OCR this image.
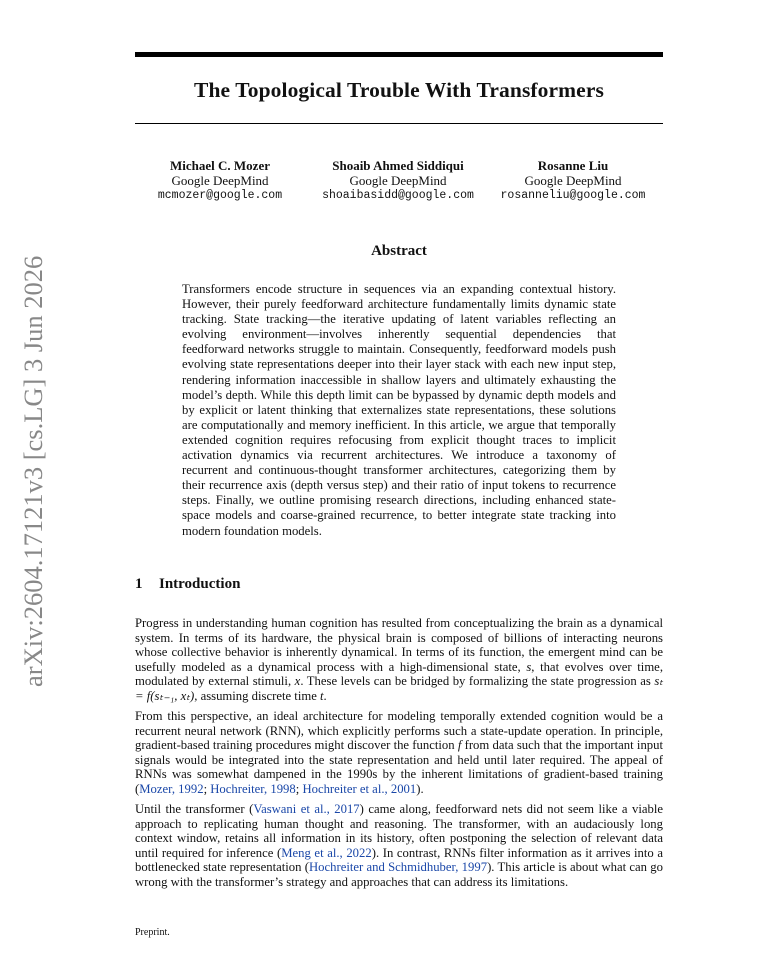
The Topological Trouble With Transformers
Michael C. Mozer
Google DeepMind
mcmozer@google.com
Shoaib Ahmed Siddiqui
Google DeepMind
shoaibasidd@google.com
Rosanne Liu
Google DeepMind
rosanneliu@google.com
arXiv:2604.17121v3 [cs.LG] 3 Jun 2026
Abstract

Transformers encode structure in sequences via an expanding contextual history. However, their purely feedforward architecture fundamentally limits dynamic state tracking. State tracking—the iterative updating of latent variables reflecting an evolving environment—involves inherently sequential dependencies that feedforward networks struggle to maintain. Consequently, feedforward models push evolving state representations deeper into their layer stack with each new input step, rendering information inaccessible in shallow layers and ultimately exhausting the model’s depth. While this depth limit can be bypassed by dynamic depth models and by explicit or latent thinking that externalizes state representations, these solutions are computationally and memory inefficient. In this article, we argue that temporally extended cognition requires refocusing from explicit thought traces to implicit activation dynamics via recurrent architectures. We introduce a taxonomy of recurrent and continuous-thought transformer architectures, categorizing them by their recurrence axis (depth versus step) and their ratio of input tokens to recurrence steps. Finally, we outline promising research directions, including enhanced state-space models and coarse-grained recurrence, to better integrate state tracking into modern foundation models.

1 Introduction

Progress in understanding human cognition has resulted from conceptualizing the brain as a dynamical system. In terms of its hardware, the physical brain is composed of billions of interacting neurons whose collective behavior is inherently dynamical. In terms of its function, the emergent mind can be usefully modeled as a dynamical process with a high-dimensional state, s, that evolves over time, modulated by external stimuli, x. These levels can be bridged by formalizing the state progression as sₜ = f(sₜ₋₁, xₜ), assuming discrete time t.

From this perspective, an ideal architecture for modeling temporally extended cognition would be a recurrent neural network (RNN), which explicitly performs such a state-update operation. In principle, gradient-based training procedures might discover the function f from data such that the important input signals would be integrated into the state representation and held until later required. The appeal of RNNs was somewhat dampened in the 1990s by the inherent limitations of gradient-based training (Mozer, 1992; Hochreiter, 1998; Hochreiter et al., 2001).

Until the transformer (Vaswani et al., 2017) came along, feedforward nets did not seem like a viable approach to replicating human thought and reasoning. The transformer, with an audaciously long context window, retains all information in its history, often postponing the selection of relevant data until required for inference (Meng et al., 2022). In contrast, RNNs filter information as it arrives into a bottlenecked state representation (Hochreiter and Schmidhuber, 1997). This article is about what can go wrong with the transformer’s strategy and approaches that can address its limitations.

Preprint.
